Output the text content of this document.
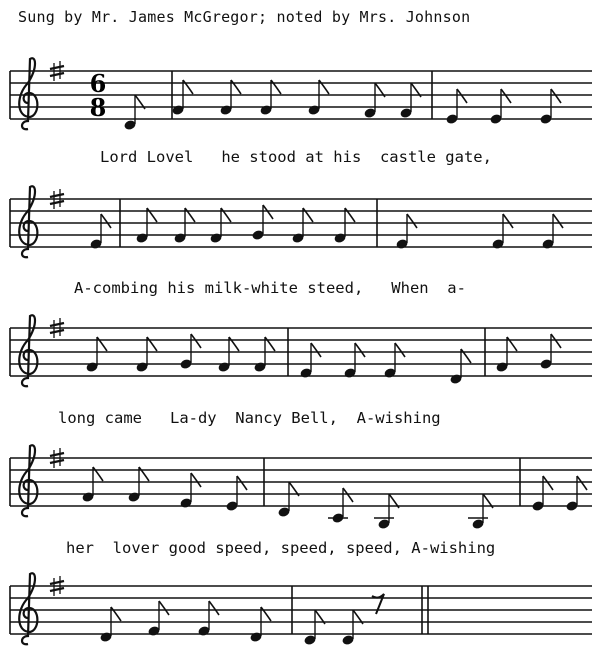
Sung by Mr. James McGregor; noted by Mrs. Johnson
Lord Lovel   he stood at his  castle gate,
A-combing his milk-white steed,   When  a-
long came   La-dy  Nancy Bell,  A-wishing
her  lover good speed, speed, speed, A-wishing
6
8
